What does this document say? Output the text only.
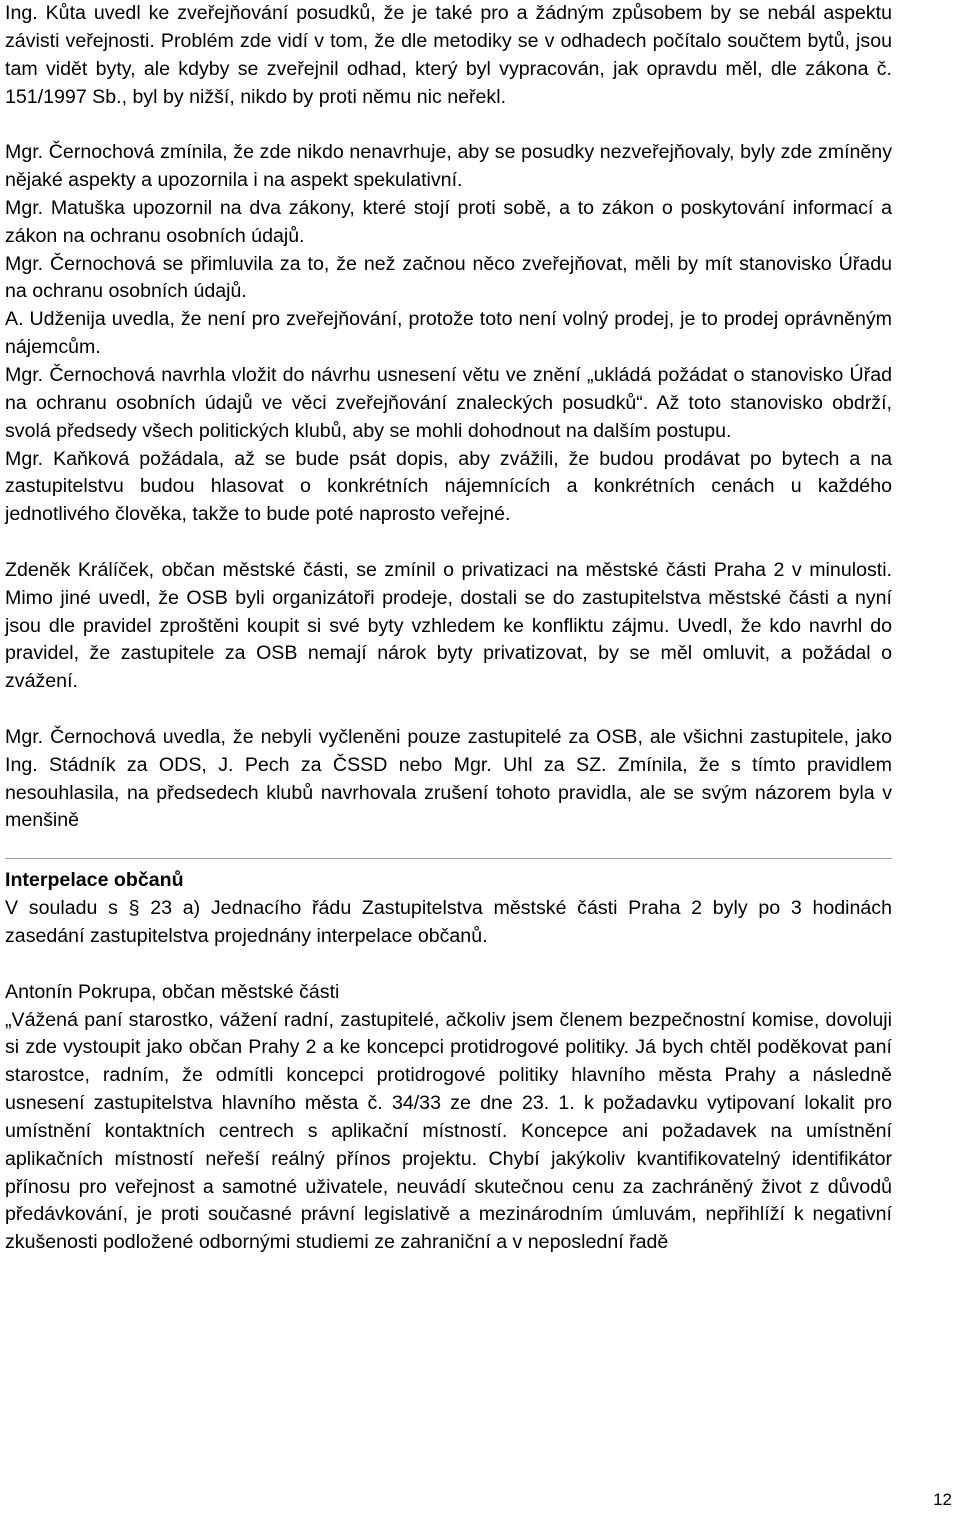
Ing. Kůta uvedl ke zveřejňování posudků, že je také pro a žádným způsobem by se nebál aspektu závisti veřejnosti. Problém zde vidí v tom, že dle metodiky se v odhadech počítalo součtem bytů, jsou tam vidět byty, ale kdyby se zveřejnil odhad, který byl vypracován, jak opravdu měl, dle zákona č. 151/1997 Sb., byl by nižší, nikdo by proti němu nic neřekl.

Mgr. Černochová zmínila, že zde nikdo nenavrhuje, aby se posudky nezveřejňovaly, byly zde zmíněny nějaké aspekty a upozornila i na aspekt spekulativní.

Mgr. Matuška upozornil na dva zákony, které stojí proti sobě, a to zákon o poskytování informací a zákon na ochranu osobních údajů.

Mgr. Černochová se přimluvila za to, že než začnou něco zveřejňovat, měli by mít stanovisko Úřadu na ochranu osobních údajů.

A. Udženija uvedla, že není pro zveřejňování, protože toto není volný prodej, je to prodej oprávněným nájemcům.

Mgr. Černochová navrhla vložit do návrhu usnesení větu ve znění „ukládá požádat o stanovisko Úřad na ochranu osobních údajů ve věci zveřejňování znaleckých posudků“. Až toto stanovisko obdrží, svolá předsedy všech politických klubů, aby se mohli dohodnout na dalším postupu.

Mgr. Kaňková požádala, až se bude psát dopis, aby zvážili, že budou prodávat po bytech a na zastupitelstvu budou hlasovat o konkrétních nájemnících a konkrétních cenách u každého jednotlivého člověka, takže to bude poté naprosto veřejné.

Zdeněk Králíček, občan městské části, se zmínil o privatizaci na městské části Praha 2 v minulosti. Mimo jiné uvedl, že OSB byli organizátoři prodeje, dostali se do zastupitelstva městské části a nyní jsou dle pravidel zproštěni koupit si své byty vzhledem ke konfliktu zájmu. Uvedl, že kdo navrhl do pravidel, že zastupitele za OSB nemají nárok byty privatizovat, by se měl omluvit, a požádal o zvážení.

Mgr. Černochová uvedla, že nebyli vyčleněni pouze zastupitelé za OSB, ale všichni zastupitele, jako Ing. Stádník za ODS, J. Pech za ČSSD nebo Mgr. Uhl za SZ. Zmínila, že s tímto pravidlem nesouhlasila, na předsedech klubů navrhovala zrušení tohoto pravidla, ale se svým názorem byla v menšině

Interpelace občanů

V souladu s § 23 a) Jednacího řádu Zastupitelstva městské části Praha 2 byly po 3 hodinách zasedání zastupitelstva projednány interpelace občanů.

Antonín Pokrupa, občan městské části

„Vážená paní starostko, vážení radní, zastupitelé, ačkoliv jsem členem bezpečnostní komise, dovoluji si zde vystoupit jako občan Prahy 2 a ke koncepci protidrogové politiky. Já bych chtěl poděkovat paní starostce, radním, že odmítli koncepci protidrogové politiky hlavního města Prahy a následně usnesení zastupitelstva hlavního města č. 34/33 ze dne 23. 1. k požadavku vytipovaní lokalit pro umístnění kontaktních centrech s aplikační místností. Koncepce ani požadavek na umístnění aplikačních místností neřeší reálný přínos projektu. Chybí jakýkoliv kvantifikovatelný identifikátor přínosu pro veřejnost a samotné uživatele, neuvádí skutečnou cenu za zachráněný život z důvodů předávkování, je proti současné právní legislativě a mezinárodním úmluvám, nepřihlíží k negativní zkušenosti podložené odbornými studiemi ze zahraniční a v neposlední řadě

12
